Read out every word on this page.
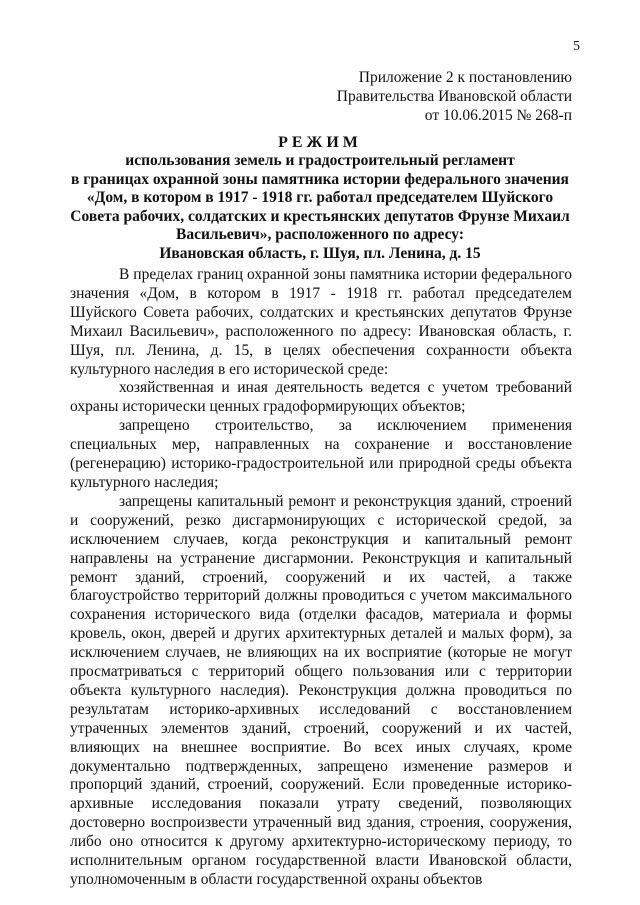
5
Приложение 2 к постановлению
Правительства Ивановской области
от 10.06.2015 № 268-п
РЕЖИМ
использования земель и градостроительный регламент
в границах охранной зоны памятника истории федерального значения
«Дом, в котором в 1917 - 1918 гг. работал председателем Шуйского
Совета рабочих, солдатских и крестьянских депутатов Фрунзе Михаил
Васильевич», расположенного по адресу:
Ивановская область, г. Шуя, пл. Ленина, д. 15

В пределах границ охранной зоны памятника истории федерального значения «Дом, в котором в 1917 - 1918 гг. работал председателем Шуйского Совета рабочих, солдатских и крестьянских депутатов Фрунзе Михаил Васильевич», расположенного по адресу: Ивановская область, г. Шуя, пл. Ленина, д. 15, в целях обеспечения сохранности объекта культурного наследия в его исторической среде:

хозяйственная и иная деятельность ведется с учетом требований охраны исторически ценных градоформирующих объектов;

запрещено строительство, за исключением применения специальных мер, направленных на сохранение и восстановление (регенерацию) историко-градостроительной или природной среды объекта культурного наследия;

запрещены капитальный ремонт и реконструкция зданий, строений и сооружений, резко дисгармонирующих с исторической средой, за исключением случаев, когда реконструкция и капитальный ремонт направлены на устранение дисгармонии. Реконструкция и капитальный ремонт зданий, строений, сооружений и их частей, а также благоустройство территорий должны проводиться с учетом максимального сохранения исторического вида (отделки фасадов, материала и формы кровель, окон, дверей и других архитектурных деталей и малых форм), за исключением случаев, не влияющих на их восприятие (которые не могут просматриваться с территорий общего пользования или с территории объекта культурного наследия). Реконструкция должна проводиться по результатам историко-архивных исследований с восстановлением утраченных элементов зданий, строений, сооружений и их частей, влияющих на внешнее восприятие. Во всех иных случаях, кроме документально подтвержденных, запрещено изменение размеров и пропорций зданий, строений, сооружений. Если проведенные историко-архивные исследования показали утрату сведений, позволяющих достоверно воспроизвести утраченный вид здания, строения, сооружения, либо оно относится к другому архитектурно-историческому периоду, то исполнительным органом государственной власти Ивановской области, уполномоченным в области государственной охраны объектов
